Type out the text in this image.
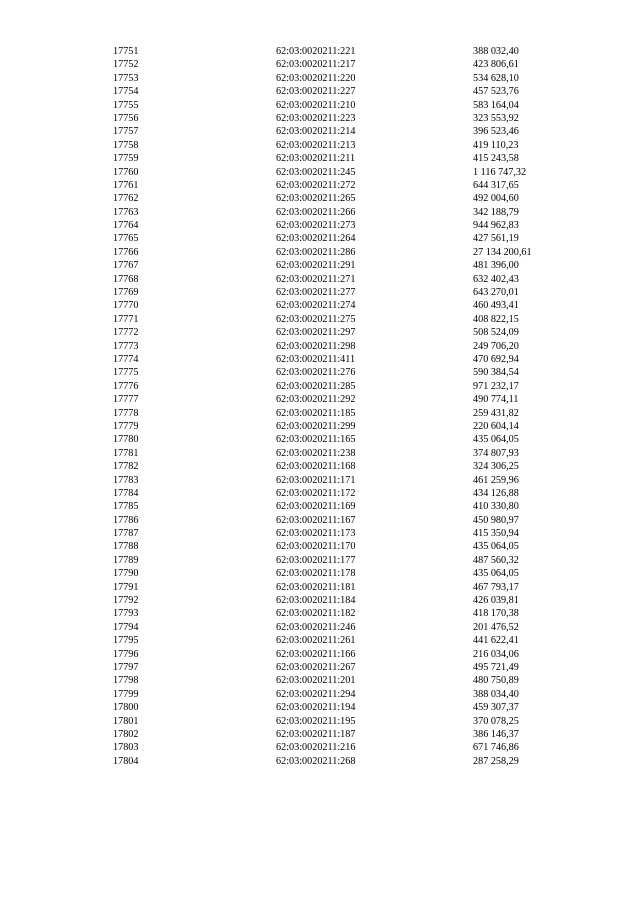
17751	62:03:0020211:221	388 032,40
17752	62:03:0020211:217	423 806,61
17753	62:03:0020211:220	534 628,10
17754	62:03:0020211:227	457 523,76
17755	62:03:0020211:210	583 164,04
17756	62:03:0020211:223	323 553,92
17757	62:03:0020211:214	396 523,46
17758	62:03:0020211:213	419 110,23
17759	62:03:0020211:211	415 243,58
17760	62:03:0020211:245	1 116 747,32
17761	62:03:0020211:272	644 317,65
17762	62:03:0020211:265	492 004,60
17763	62:03:0020211:266	342 188,79
17764	62:03:0020211:273	944 962,83
17765	62:03:0020211:264	427 561,19
17766	62:03:0020211:286	27 134 200,61
17767	62:03:0020211:291	481 396,00
17768	62:03:0020211:271	632 402,43
17769	62:03:0020211:277	643 270,01
17770	62:03:0020211:274	460 493,41
17771	62:03:0020211:275	408 822,15
17772	62:03:0020211:297	508 524,09
17773	62:03:0020211:298	249 706,20
17774	62:03:0020211:411	470 692,94
17775	62:03:0020211:276	590 384,54
17776	62:03:0020211:285	971 232,17
17777	62:03:0020211:292	490 774,11
17778	62:03:0020211:185	259 431,82
17779	62:03:0020211:299	220 604,14
17780	62:03:0020211:165	435 064,05
17781	62:03:0020211:238	374 807,93
17782	62:03:0020211:168	324 306,25
17783	62:03:0020211:171	461 259,96
17784	62:03:0020211:172	434 126,88
17785	62:03:0020211:169	410 330,80
17786	62:03:0020211:167	450 980,97
17787	62:03:0020211:173	415 350,94
17788	62:03:0020211:170	435 064,05
17789	62:03:0020211:177	487 560,32
17790	62:03:0020211:178	435 064,05
17791	62:03:0020211:181	467 793,17
17792	62:03:0020211:184	426 039,81
17793	62:03:0020211:182	418 170,38
17794	62:03:0020211:246	201 476,52
17795	62:03:0020211:261	441 622,41
17796	62:03:0020211:166	216 034,06
17797	62:03:0020211:267	495 721,49
17798	62:03:0020211:201	480 750,89
17799	62:03:0020211:294	388 034,40
17800	62:03:0020211:194	459 307,37
17801	62:03:0020211:195	370 078,25
17802	62:03:0020211:187	386 146,37
17803	62:03:0020211:216	671 746,86
17804	62:03:0020211:268	287 258,29
